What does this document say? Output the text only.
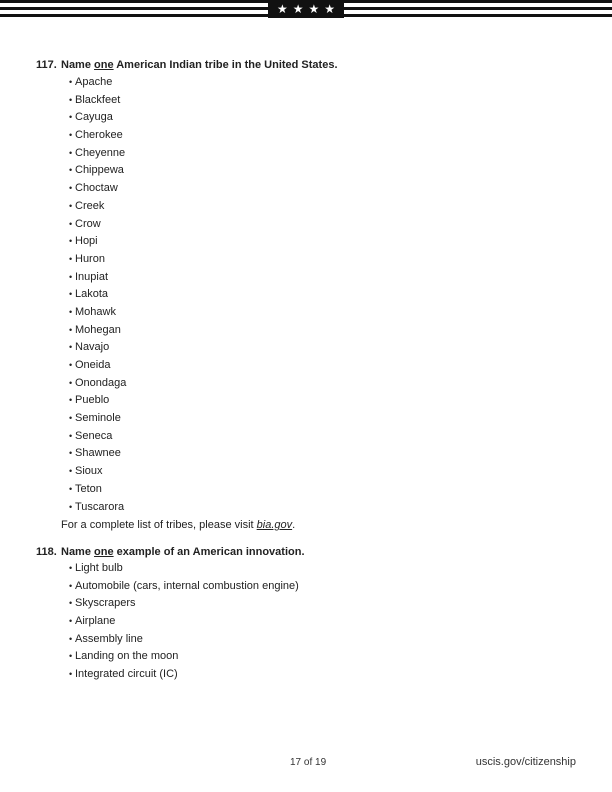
★ ★ ★ ★
117. Name one American Indian tribe in the United States.
• Apache
• Blackfeet
• Cayuga
• Cherokee
• Cheyenne
• Chippewa
• Choctaw
• Creek
• Crow
• Hopi
• Huron
• Inupiat
• Lakota
• Mohawk
• Mohegan
• Navajo
• Oneida
• Onondaga
• Pueblo
• Seminole
• Seneca
• Shawnee
• Sioux
• Teton
• Tuscarora
For a complete list of tribes, please visit bia.gov.
118. Name one example of an American innovation.
• Light bulb
• Automobile (cars, internal combustion engine)
• Skyscrapers
• Airplane
• Assembly line
• Landing on the moon
• Integrated circuit (IC)
17 of 19	uscis.gov/citizenship
